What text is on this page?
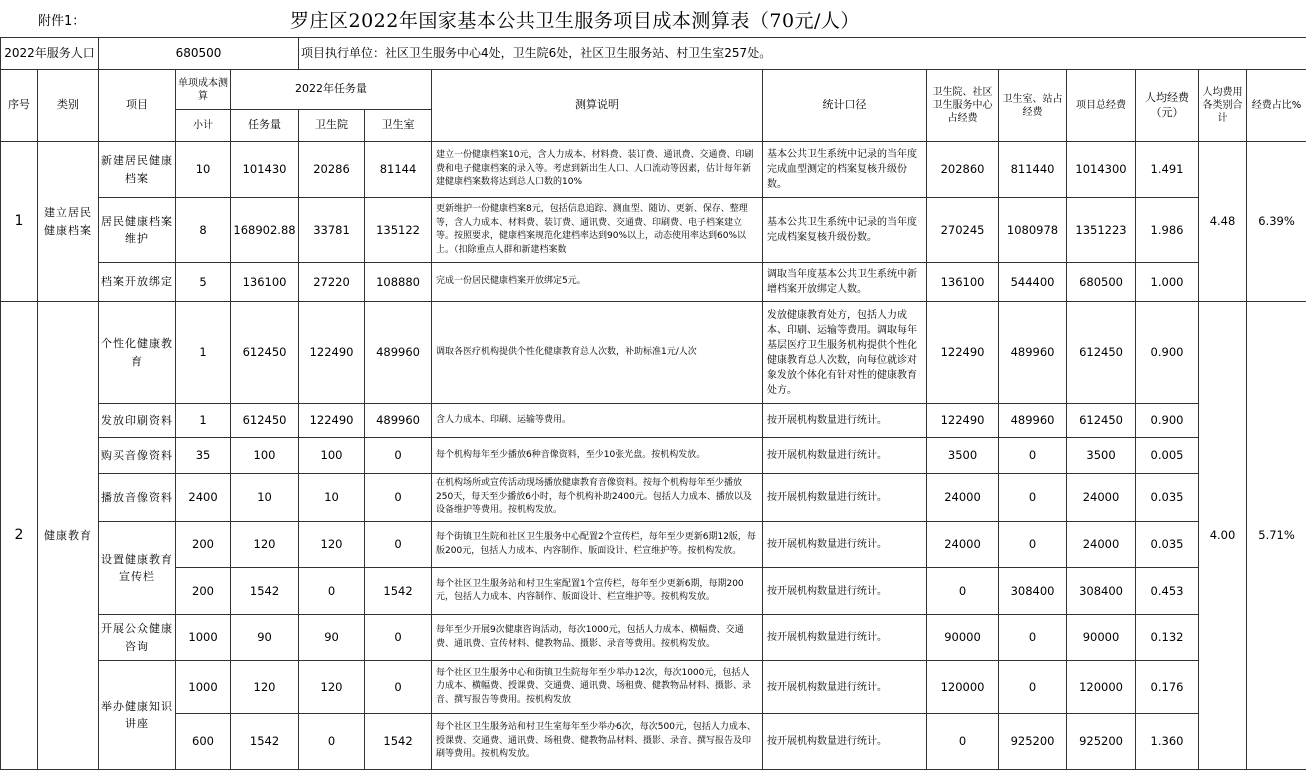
附件1：	罗庄区2022年国家基本公共卫生服务项目成本测算表（70元/人）
2022年服务人口		680500			项目执行单位：社区卫生服务中心4处，卫生院6处，社区卫生服务站、村卫生室257处。									
序号	类别	项目	单项成本测算	2022年任务量			测算说明	统计口径	卫生院、社区卫生服务中心占经费	卫生室、站占经费	项目总经费	人均经费（元）	人均费用各类别合计	经费占比%
			小计	任务量	卫生院	卫生室								
1	建立居民健康档案	新建居民健康档案	10	101430	20286	81144	建立一份健康档案10元，含人力成本、材料费、装订费、通讯费、交通费、印刷费和电子健康档案的录入等。考虑到新出生人口、人口流动等因素，估计每年新建健康档案数将达到总人口数的10%	基本公共卫生系统中记录的当年度完成血型测定的档案复核升级份数。	202860	811440	1014300	1.491	4.48	6.39%
		居民健康档案维护	8	168902.88	33781	135122	更新维护一份健康档案8元，包括信息追踪、测血型、随访、更新、保存、整理等，含人力成本、材料费、装订费、通讯费、交通费、印刷费、电子档案建立等。按照要求，健康档案规范化建档率达到90%以上，动态使用率达到60%以上。（扣除重点人群和新建档案数	基本公共卫生系统中记录的当年度完成档案复核升级份数。	270245	1080978	1351223	1.986		
		档案开放绑定	5	136100	27220	108880	完成一份居民健康档案开放绑定5元。	调取当年度基本公共卫生系统中新增档案开放绑定人数。	136100	544400	680500	1.000		
2	健康教育	个性化健康教育	1	612450	122490	489960	调取各医疗机构提供个性化健康教育总人次数，补助标准1元/人次	发放健康教育处方，包括人力成本、印刷、运输等费用。调取每年基层医疗卫生服务机构提供个性化健康教育总人次数，向每位就诊对象发放个体化有针对性的健康教育处方。	122490	489960	612450	0.900	4.00	5.71%
		发放印刷资料	1	612450	122490	489960	含人力成本、印刷、运输等费用。	按开展机构数量进行统计。	122490	489960	612450	0.900		
		购买音像资料	35	100	100	0	每个机构每年至少播放6种音像资料，至少10张光盘。按机构发放。	按开展机构数量进行统计。	3500	0	3500	0.005		
		播放音像资料	2400	10	10	0	在机构场所或宣传活动现场播放健康教育音像资料。按每个机构每年至少播放250天，每天至少播放6小时，每个机构补助2400元。包括人力成本、播放以及设备维护等费用。按机构发放。	按开展机构数量进行统计。	24000	0	24000	0.035		
		设置健康教育宣传栏	200	120	120	0	每个街镇卫生院和社区卫生服务中心配置2个宣传栏，每年至少更新6期12版，每版200元，包括人力成本、内容制作、版面设计、栏宣维护等。按机构发放。	按开展机构数量进行统计。	24000	0	24000	0.035		
			200	1542	0	1542	每个社区卫生服务站和村卫生室配置1个宣传栏，每年至少更新6期，每期200元，包括人力成本、内容制作、版面设计、栏宣维护等。按机构发放。	按开展机构数量进行统计。	0	308400	308400	0.453		
		开展公众健康咨询	1000	90	90	0	每年至少开展9次健康咨询活动，每次1000元，包括人力成本、横幅费、交通费、通讯费、宣传材料、健教物品、摄影、录音等费用。按机构发放。	按开展机构数量进行统计。	90000	0	90000	0.132		
		举办健康知识讲座	1000	120	120	0	每个社区卫生服务中心和街镇卫生院每年至少举办12次，每次1000元，包括人力成本、横幅费、授课费、交通费、通讯费、场租费、健教物品材料、摄影、录音、撰写报告等费用。按机构发放	按开展机构数量进行统计。	120000	0	120000	0.176		
			600	1542	0	1542	每个社区卫生服务站和村卫生室每年至少举办6次，每次500元，包括人力成本、授课费、交通费、通讯费、场租费、健教物品材料、摄影、录音、撰写报告及印刷等费用。按机构发放。	按开展机构数量进行统计。	0	925200	925200	1.360		
